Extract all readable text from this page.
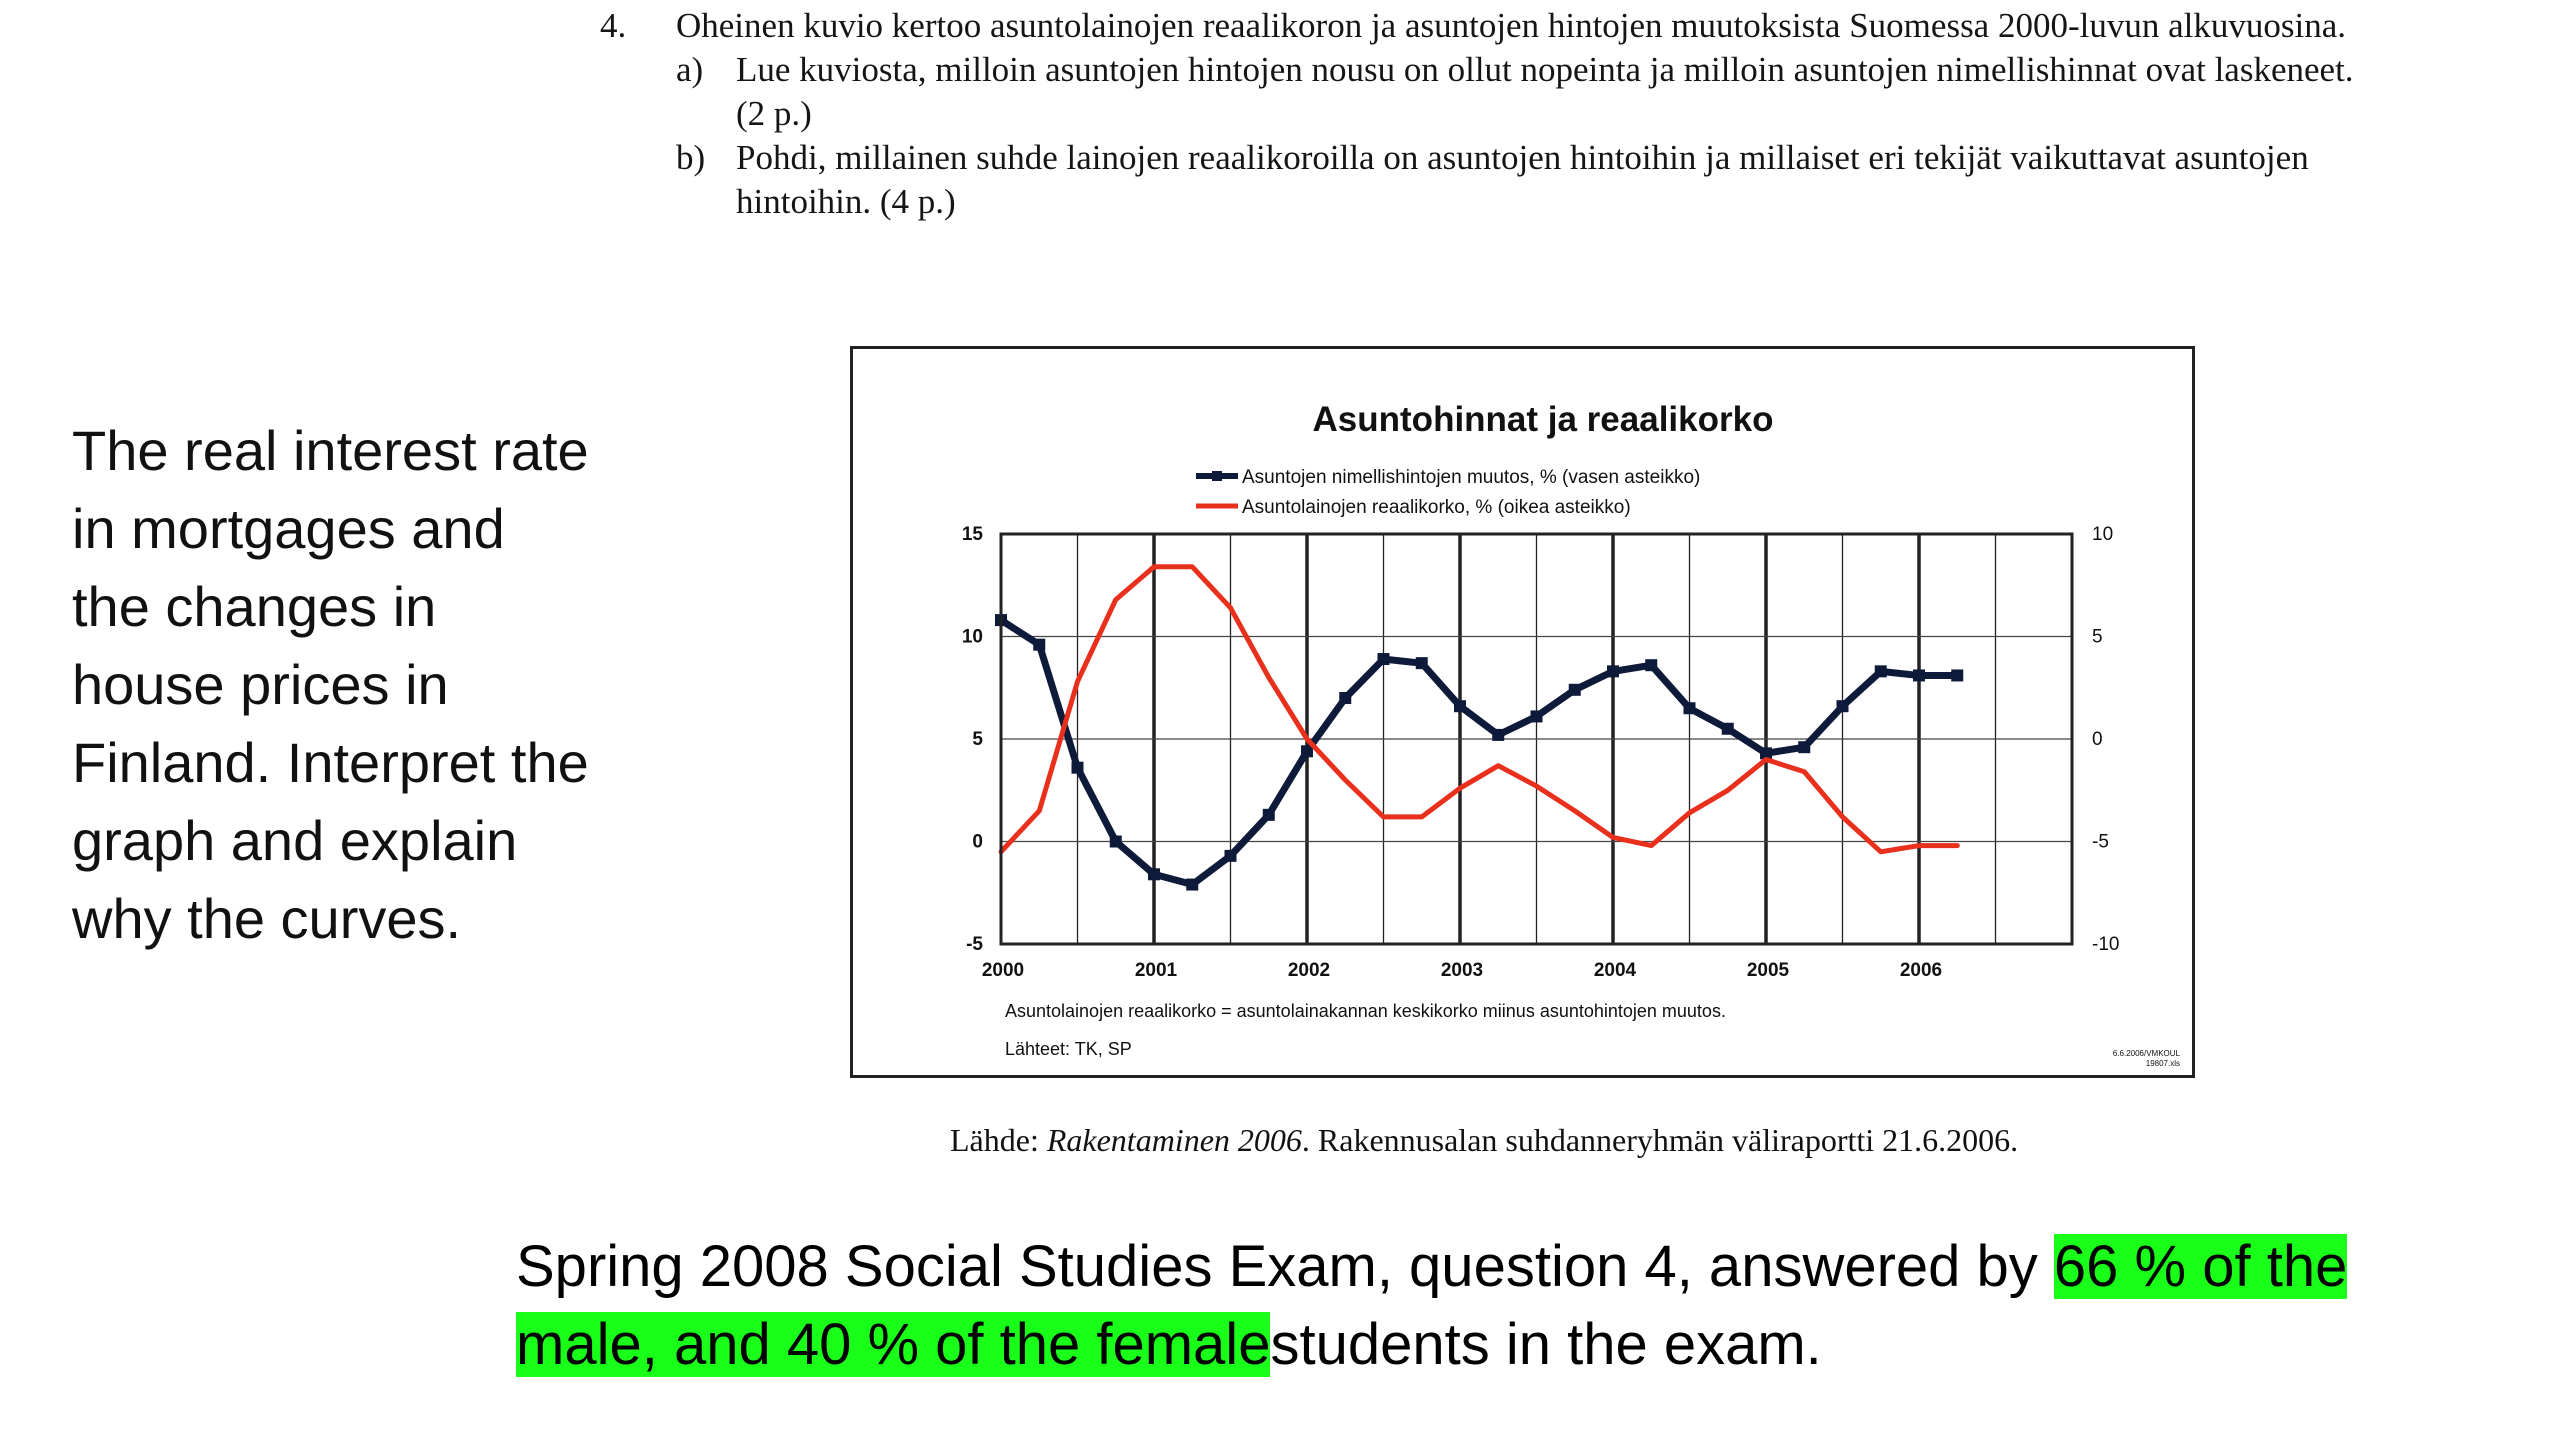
4.	Oheinen kuvio kertoo asuntolainojen reaalikoron ja asuntojen hintojen muutoksista Suomessa 2000-luvun alkuvuosina.
a) Lue kuviosta, milloin asuntojen hintojen nousu on ollut nopeinta ja milloin asuntojen nimellishinnat ovat laskeneet. (2 p.)
b) Pohdi, millainen suhde lainojen reaalikoroilla on asuntojen hintoihin ja millaiset eri tekijät vaikuttavat asuntojen hintoihin. (4 p.)
The real interest rate in mortgages and the changes in house prices in Finland. Interpret the graph and explain why the curves.
Asuntohinnat ja reaalikorko
Asuntojen nimellishintojen muutos, % (vasen asteikko)
Asuntolainojen reaalikorko, % (oikea asteikko)
15
10
5
0
-5
10
5
0
-5
-10
2000	2001	2002	2003	2004	2005	2006
Asuntolainojen reaalikorko = asuntolainakannan keskikorko miinus asuntohintojen muutos.
Lähteet: TK, SP	6.6.2006/VMKOUL
19807.xls
Lähde: Rakentaminen 2006. Rakennusalan suhdanneryhmän väliraportti 21.6.2006.
Spring 2008 Social Studies Exam, question 4, answered by 66 % of the male, and 40 % of the femalestudents in the exam.
